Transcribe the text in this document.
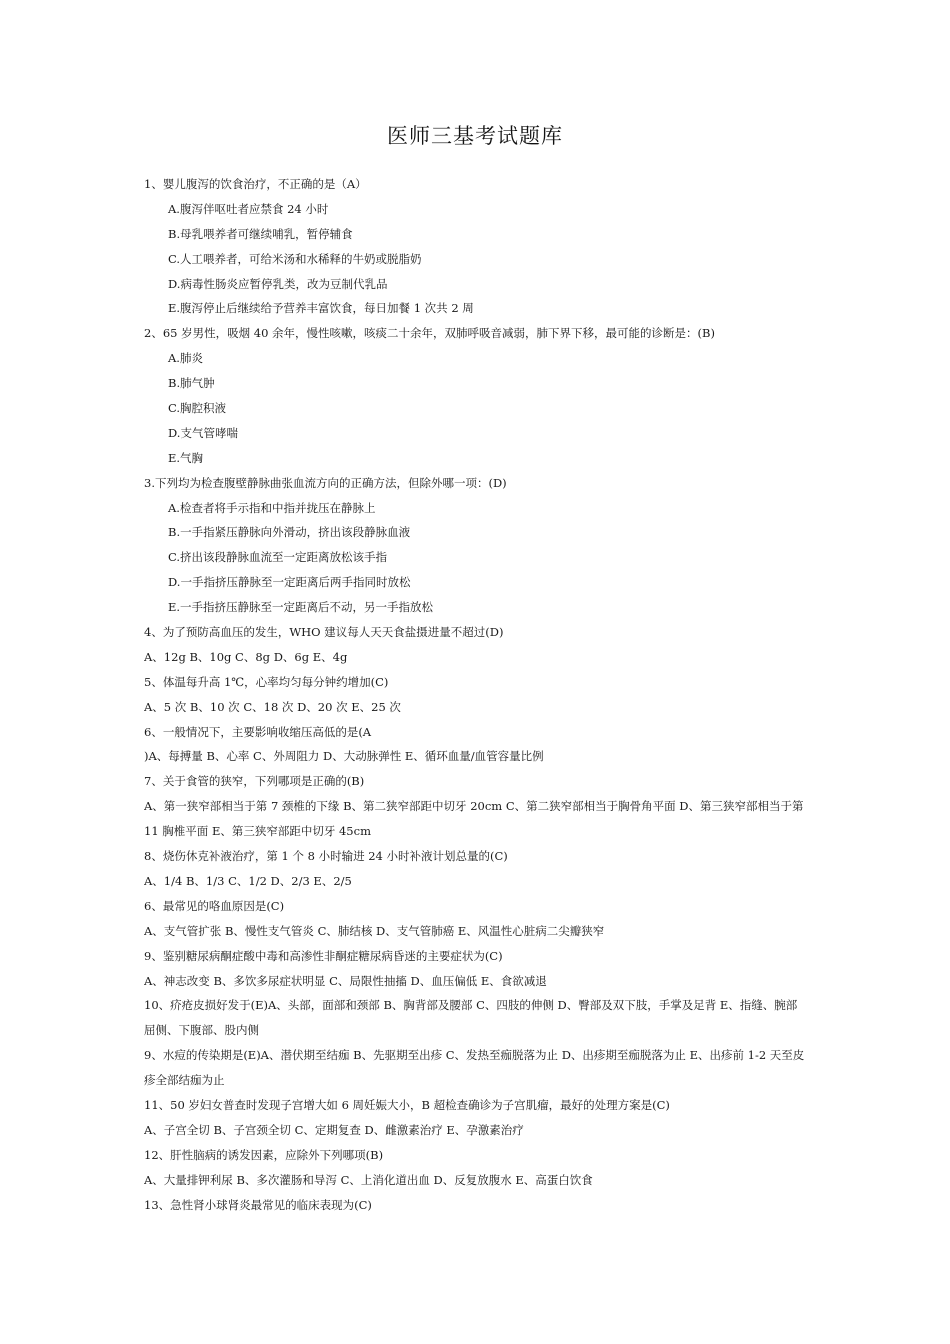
医师三基考试题库
1、婴儿腹泻的饮食治疗，不正确的是（A）
A.腹泻伴呕吐者应禁食 24 小时
B.母乳喂养者可继续哺乳，暂停辅食
C.人工喂养者，可给米汤和水稀释的牛奶或脱脂奶
D.病毒性肠炎应暂停乳类，改为豆制代乳品
E.腹泻停止后继续给予营养丰富饮食，每日加餐 1 次共 2 周
2、65 岁男性，吸烟 40 余年，慢性咳嗽，咳痰二十余年，双肺呼吸音减弱，肺下界下移，最可能的诊断是：(B)
A.肺炎
B.肺气肿
C.胸腔积液
D.支气管哮喘
E.气胸
3.下列均为检查腹壁静脉曲张血流方向的正确方法，但除外哪一项：(D)
A.检查者将手示指和中指并拢压在静脉上
B.一手指紧压静脉向外滑动，挤出该段静脉血液
C.挤出该段静脉血流至一定距离放松该手指
D.一手指挤压静脉至一定距离后两手指同时放松
E.一手指挤压静脉至一定距离后不动，另一手指放松
4、为了预防高血压的发生，WHO 建议每人天天食盐摄进量不超过(D)
A、12g B、10g C、8g D、6g E、4g
5、体温每升高 1℃，心率均匀每分钟约增加(C)
A、5 次 B、10 次 C、18 次 D、20 次 E、25 次
6、一般情况下，主要影响收缩压高低的是(A
)A、每搏量 B、心率 C、外周阻力 D、大动脉弹性 E、循环血量/血管容量比例
7、关于食管的狭窄，下列哪项是正确的(B)
A、第一狭窄部相当于第 7 颈椎的下缘 B、第二狭窄部距中切牙 20cm C、第二狭窄部相当于胸骨角平面 D、第三狭窄部相当于第
11 胸椎平面 E、第三狭窄部距中切牙 45cm
8、烧伤休克补液治疗，第 1 个 8 小时输进 24 小时补液计划总量的(C)
A、1/4 B、1/3 C、1/2 D、2/3 E、2/5
6、最常见的咯血原因是(C)
A、支气管扩张 B、慢性支气管炎 C、肺结核 D、支气管肺癌 E、风温性心脏病二尖瓣狭窄
9、鉴别糖尿病酮症酸中毒和高渗性非酮症糖尿病昏迷的主要症状为(C)
A、神志改变 B、多饮多尿症状明显 C、局限性抽搐 D、血压偏低 E、食欲减退
10、疥疮皮损好发于(E)A、头部，面部和颈部 B、胸背部及腰部 C、四肢的伸侧 D、臀部及双下肢，手掌及足背 E、指缝、腕部
屈侧、下腹部、股内侧
9、水痘的传染期是(E)A、潜伏期至结痂 B、先驱期至出疹 C、发热至痂脱落为止 D、出疹期至痂脱落为止 E、出疹前 1-2 天至皮
疹全部结痂为止
11、50 岁妇女普查时发现子宫增大如 6 周妊娠大小，B 超检查确诊为子宫肌瘤，最好的处理方案是(C)
A、子宫全切 B、子宫颈全切 C、定期复查 D、雌激素治疗 E、孕激素治疗
12、肝性脑病的诱发因素，应除外下列哪项(B)
A、大量排钾利尿 B、多次灌肠和导泻 C、上消化道出血 D、反复放腹水 E、高蛋白饮食
13、急性肾小球肾炎最常见的临床表现为(C)
